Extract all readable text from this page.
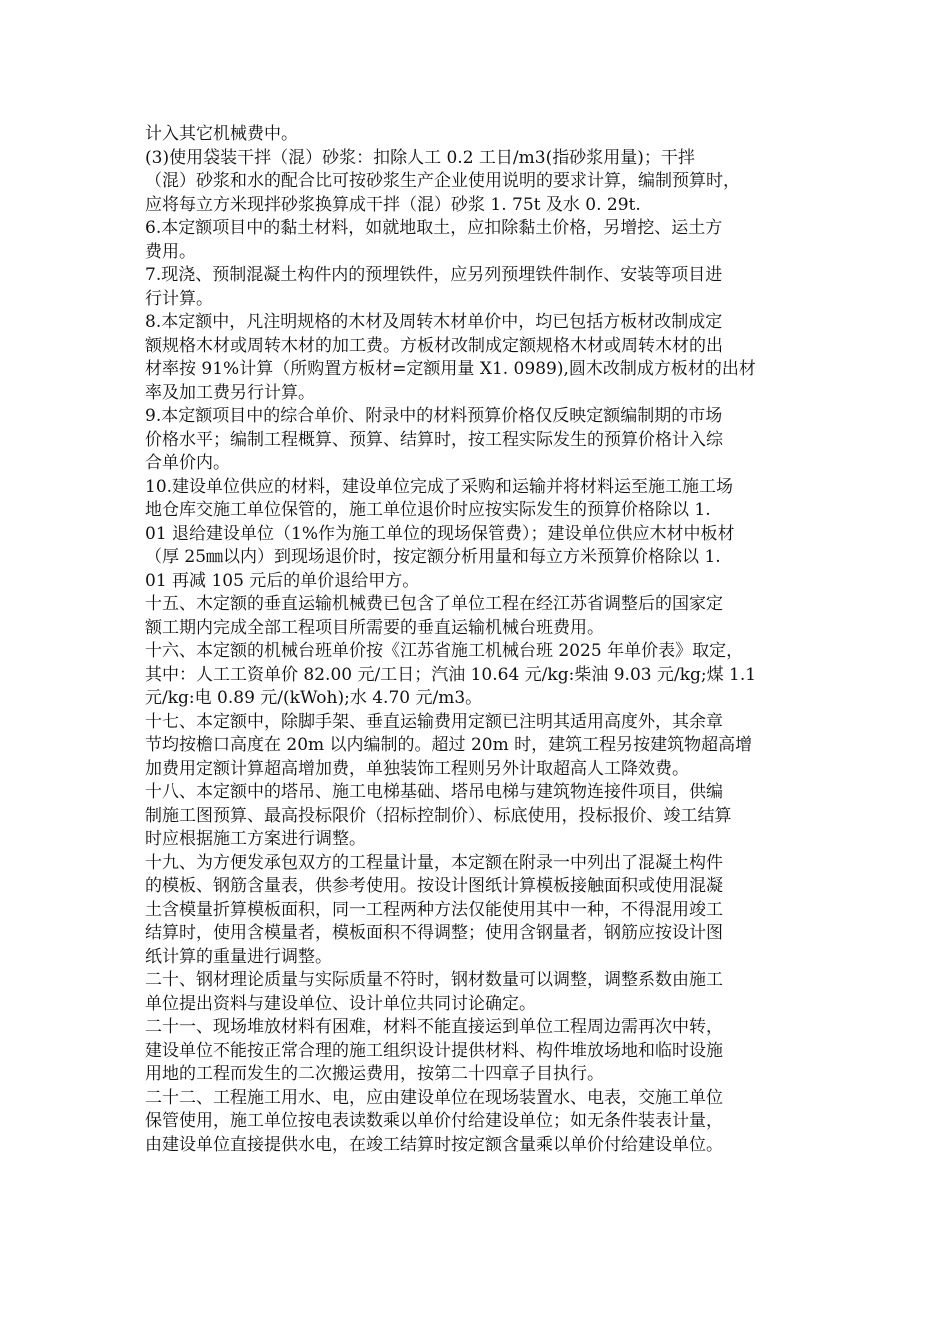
计入其它机械费中。
(3)使用袋装干拌（混）砂浆：扣除人工 0.2 工日/m3(指砂浆用量)；干拌
（混）砂浆和水的配合比可按砂浆生产企业使用说明的要求计算，编制预算时，
应将每立方米现拌砂浆换算成干拌（混）砂浆 1. 75t 及水 0. 29t.
6.本定额项目中的黏土材料，如就地取土，应扣除黏土价格，另增挖、运土方
费用。
7.现浇、预制混凝土构件内的预埋铁件，应另列预埋铁件制作、安装等项目进
行计算。
8.本定额中，凡注明规格的木材及周转木材单价中，均已包括方板材改制成定
额规格木材或周转木材的加工费。方板材改制成定额规格木材或周转木材的出
材率按 91%计算（所购置方板材=定额用量 X1. 0989),圆木改制成方板材的出材
率及加工费另行计算。
9.本定额项目中的综合单价、附录中的材料预算价格仅反映定额编制期的市场
价格水平；编制工程概算、预算、结算时，按工程实际发生的预算价格计入综
合单价内。
10.建设单位供应的材料，建设单位完成了采购和运输并将材料运至施工施工场
地仓库交施工单位保管的，施工单位退价时应按实际发生的预算价格除以 1.
01 退给建设单位（1%作为施工单位的现场保管费）；建设单位供应木材中板材
（厚 25㎜以内）到现场退价时，按定额分析用量和每立方米预算价格除以 1.
01 再减 105 元后的单价退给甲方。
十五、木定额的垂直运输机械费已包含了单位工程在经江苏省调整后的国家定
额工期内完成全部工程项目所需要的垂直运输机械台班费用。
十六、本定额的机械台班单价按《江苏省施工机械台班 2025 年单价表》取定，
其中：人工工资单价 82.00 元/工日；汽油 10.64 元/kg:柴油 9.03 元/kg;煤 1.1
元/kg:电 0.89 元/(kWoh);水 4.70 元/m3。
十七、本定额中，除脚手架、垂直运输费用定额已注明其适用高度外，其余章
节均按檐口高度在 20m 以内编制的。超过 20m 时，建筑工程另按建筑物超高增
加费用定额计算超高增加费，单独装饰工程则另外计取超高人工降效费。
十八、本定额中的塔吊、施工电梯基础、塔吊电梯与建筑物连接件项目，供编
制施工图预算、最高投标限价（招标控制价）、标底使用，投标报价、竣工结算
时应根据施工方案进行调整。
十九、为方便发承包双方的工程量计量，本定额在附录一中列出了混凝土构件
的模板、钢筋含量表，供参考使用。按设计图纸计算模板接触面积或使用混凝
土含模量折算模板面积，同一工程两种方法仅能使用其中一种，不得混用竣工
结算时，使用含模量者，模板面积不得调整；使用含钢量者，钢筋应按设计图
纸计算的重量进行调整。
二十、钢材理论质量与实际质量不符时，钢材数量可以调整，调整系数由施工
单位提出资料与建设单位、设计单位共同讨论确定。
二十一、现场堆放材料有困难，材料不能直接运到单位工程周边需再次中转，
建设单位不能按正常合理的施工组织设计提供材料、构件堆放场地和临时设施
用地的工程而发生的二次搬运费用，按第二十四章子目执行。
二十二、工程施工用水、电，应由建设单位在现场装置水、电表，交施工单位
保管使用，施工单位按电表读数乘以单价付给建设单位；如无条件装表计量，
由建设单位直接提供水电，在竣工结算时按定额含量乘以单价付给建设单位。
